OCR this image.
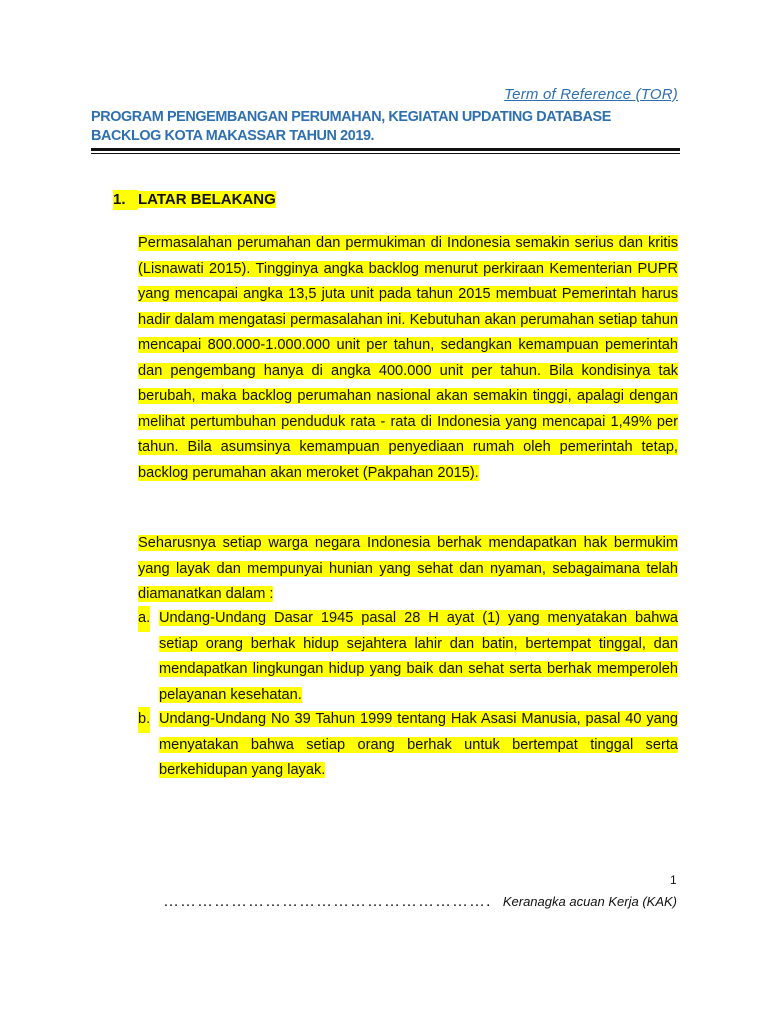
Term of Reference (TOR)
PROGRAM PENGEMBANGAN PERUMAHAN, KEGIATAN UPDATING DATABASE
BACKLOG KOTA MAKASSAR TAHUN 2019.
1. LATAR BELAKANG

Permasalahan perumahan dan permukiman di Indonesia semakin serius dan kritis (Lisnawati 2015). Tingginya angka backlog menurut perkiraan Kementerian PUPR yang mencapai angka 13,5 juta unit pada tahun 2015 membuat Pemerintah harus hadir dalam mengatasi permasalahan ini. Kebutuhan akan perumahan setiap tahun mencapai 800.000-1.000.000 unit per tahun, sedangkan kemampuan pemerintah dan pengembang hanya di angka 400.000 unit per tahun. Bila kondisinya tak berubah, maka backlog perumahan nasional akan semakin tinggi, apalagi dengan melihat pertumbuhan penduduk rata - rata di Indonesia yang mencapai 1,49% per tahun. Bila asumsinya kemampuan penyediaan rumah oleh pemerintah tetap, backlog perumahan akan meroket (Pakpahan 2015).

Seharusnya setiap warga negara Indonesia berhak mendapatkan hak bermukim yang layak dan mempunyai hunian yang sehat dan nyaman, sebagaimana telah diamanatkan dalam :

a. Undang-Undang Dasar 1945 pasal 28 H ayat (1) yang menyatakan bahwa setiap orang berhak hidup sejahtera lahir dan batin, bertempat tinggal, dan mendapatkan lingkungan hidup yang baik dan sehat serta berhak memperoleh pelayanan kesehatan.
b. Undang-Undang No 39 Tahun 1999 tentang Hak Asasi Manusia, pasal 40 yang menyatakan bahwa setiap orang berhak untuk bertempat tinggal serta berkehidupan yang layak.
1
…………………………………………………. Keranagka acuan Kerja (KAK)
